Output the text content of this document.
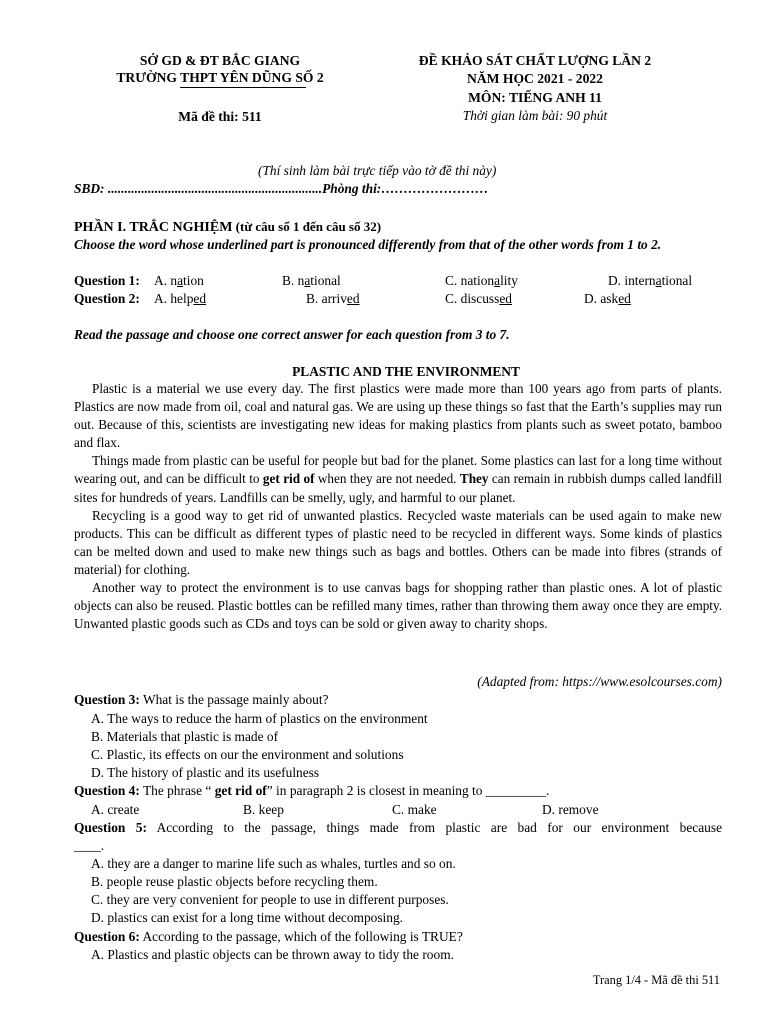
SỞ GD & ĐT BẮC GIANG
TRƯỜNG THPT YÊN DŨNG SỐ 2
Mã đề thi: 511
ĐỀ KHẢO SÁT CHẤT LƯỢNG LẦN 2
NĂM HỌC 2021 - 2022
MÔN: TIẾNG ANH 11
Thời gian làm bài: 90 phút
(Thí sinh làm bài trực tiếp vào tờ đề thi này)
SBD: ................................................................Phòng thi:……………………
PHẦN I. TRẮC NGHIỆM (từ câu số 1 đến câu số 32)
Choose the word whose underlined part is pronounced differently from that of the other words from 1 to 2.
Question 1: A. nation	B. national	C. nationality	D. international
Question 2: A. helped	B. arrived	C. discussed	D. asked
Read the passage and choose one correct answer for each question from 3 to 7.
PLASTIC AND THE ENVIRONMENT
Plastic is a material we use every day. The first plastics were made more than 100 years ago from parts of plants. Plastics are now made from oil, coal and natural gas. We are using up these things so fast that the Earth’s supplies may run out. Because of this, scientists are investigating new ideas for making plastics from plants such as sweet potato, bamboo and flax.
Things made from plastic can be useful for people but bad for the planet. Some plastics can last for a long time without wearing out, and can be difficult to get rid of when they are not needed. They can remain in rubbish dumps called landfill sites for hundreds of years. Landfills can be smelly, ugly, and harmful to our planet.
Recycling is a good way to get rid of unwanted plastics. Recycled waste materials can be used again to make new products. This can be difficult as different types of plastic need to be recycled in different ways. Some kinds of plastics can be melted down and used to make new things such as bags and bottles. Others can be made into fibres (strands of material) for clothing.
Another way to protect the environment is to use canvas bags for shopping rather than plastic ones. A lot of plastic objects can also be reused. Plastic bottles can be refilled many times, rather than throwing them away once they are empty. Unwanted plastic goods such as CDs and toys can be sold or given away to charity shops.
(Adapted from: https://www.esolcourses.com)
Question 3: What is the passage mainly about?
A. The ways to reduce the harm of plastics on the environment
B. Materials that plastic is made of
C. Plastic, its effects on our the environment and solutions
D. The history of plastic and its usefulness
Question 4: The phrase “ get rid of” in paragraph 2 is closest in meaning to _________.
A. create	B. keep	C. make	D. remove
Question 5: According to the passage, things made from plastic are bad for our environment because
____.
A. they are a danger to marine life such as whales, turtles and so on.
B. people reuse plastic objects before recycling them.
C. they are very convenient for people to use in different purposes.
D. plastics can exist for a long time without decomposing.
Question 6: According to the passage, which of the following is TRUE?
A. Plastics and plastic objects can be thrown away to tidy the room.
Trang 1/4 - Mã đề thi 511
